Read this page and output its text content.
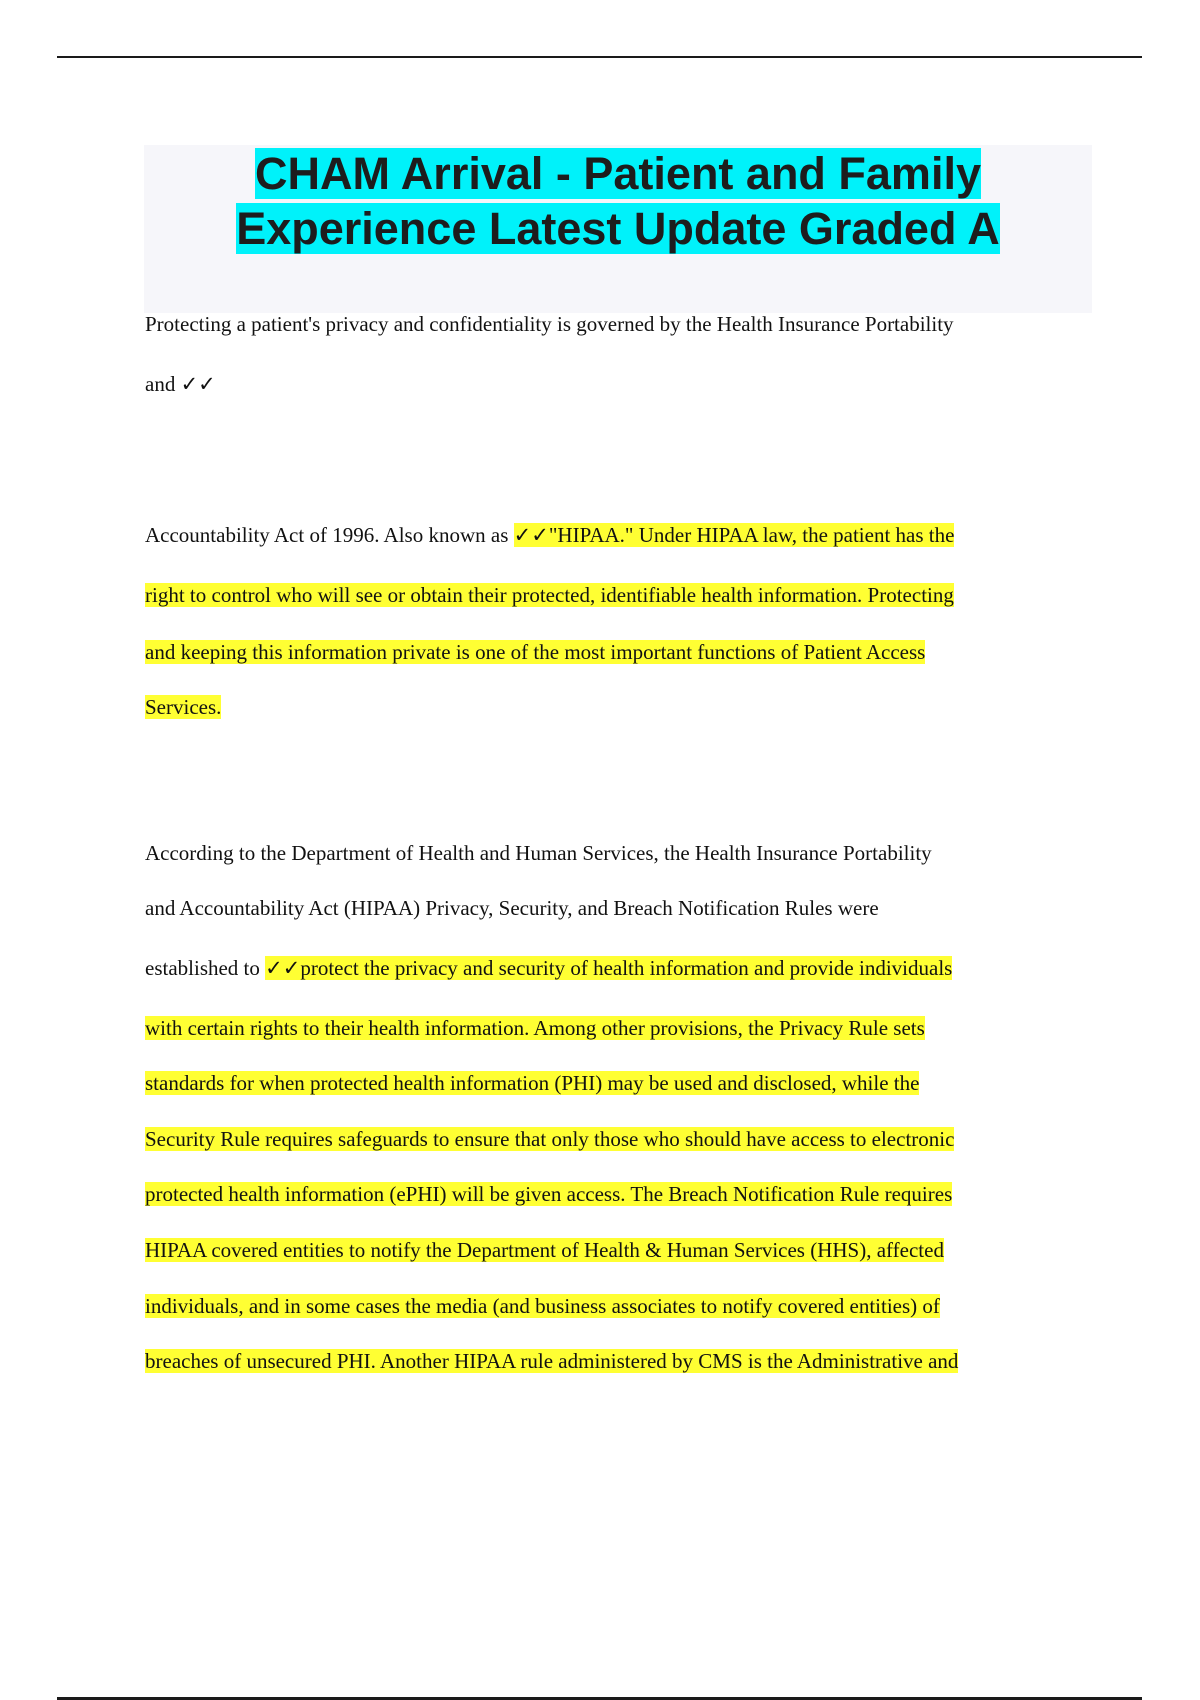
CHAM Arrival - Patient and Family
Experience Latest Update Graded A
Protecting a patient's privacy and confidentiality is governed by the Health Insurance Portability
and ✓✓
Accountability Act of 1996. Also known as ✓✓"HIPAA." Under HIPAA law, the patient has the
right to control who will see or obtain their protected, identifiable health information. Protecting
and keeping this information private is one of the most important functions of Patient Access
Services.
According to the Department of Health and Human Services, the Health Insurance Portability
and Accountability Act (HIPAA) Privacy, Security, and Breach Notification Rules were
established to ✓✓protect the privacy and security of health information and provide individuals
with certain rights to their health information. Among other provisions, the Privacy Rule sets
standards for when protected health information (PHI) may be used and disclosed, while the
Security Rule requires safeguards to ensure that only those who should have access to electronic
protected health information (ePHI) will be given access. The Breach Notification Rule requires
HIPAA covered entities to notify the Department of Health & Human Services (HHS), affected
individuals, and in some cases the media (and business associates to notify covered entities) of
breaches of unsecured PHI. Another HIPAA rule administered by CMS is the Administrative and
